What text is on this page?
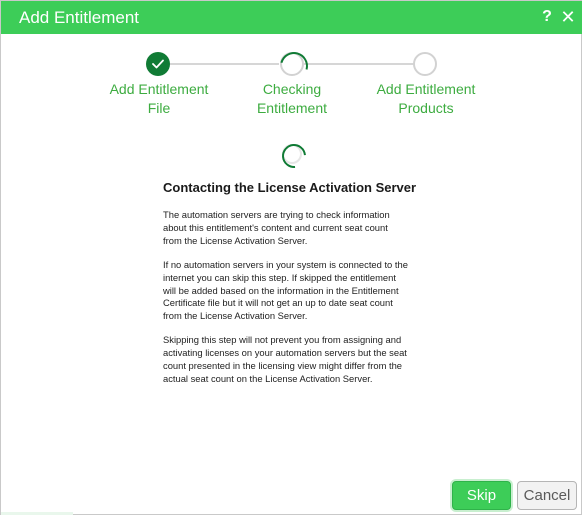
Add Entitlement	? ✕
Add Entitlement
File
Checking
Entitlement
Add Entitlement
Products
Contacting the License Activation Server

The automation servers are trying to check information about this entitlement's content and current seat count from the License Activation Server.

If no automation servers in your system is connected to the internet you can skip this step. If skipped the entitlement will be added based on the information in the Entitlement Certificate file but it will not get an up to date seat count from the License Activation Server.

Skipping this step will not prevent you from assigning and activating licenses on your automation servers but the seat count presented in the licensing view might differ from the actual seat count on the License Activation Server.

Skip	Cancel
